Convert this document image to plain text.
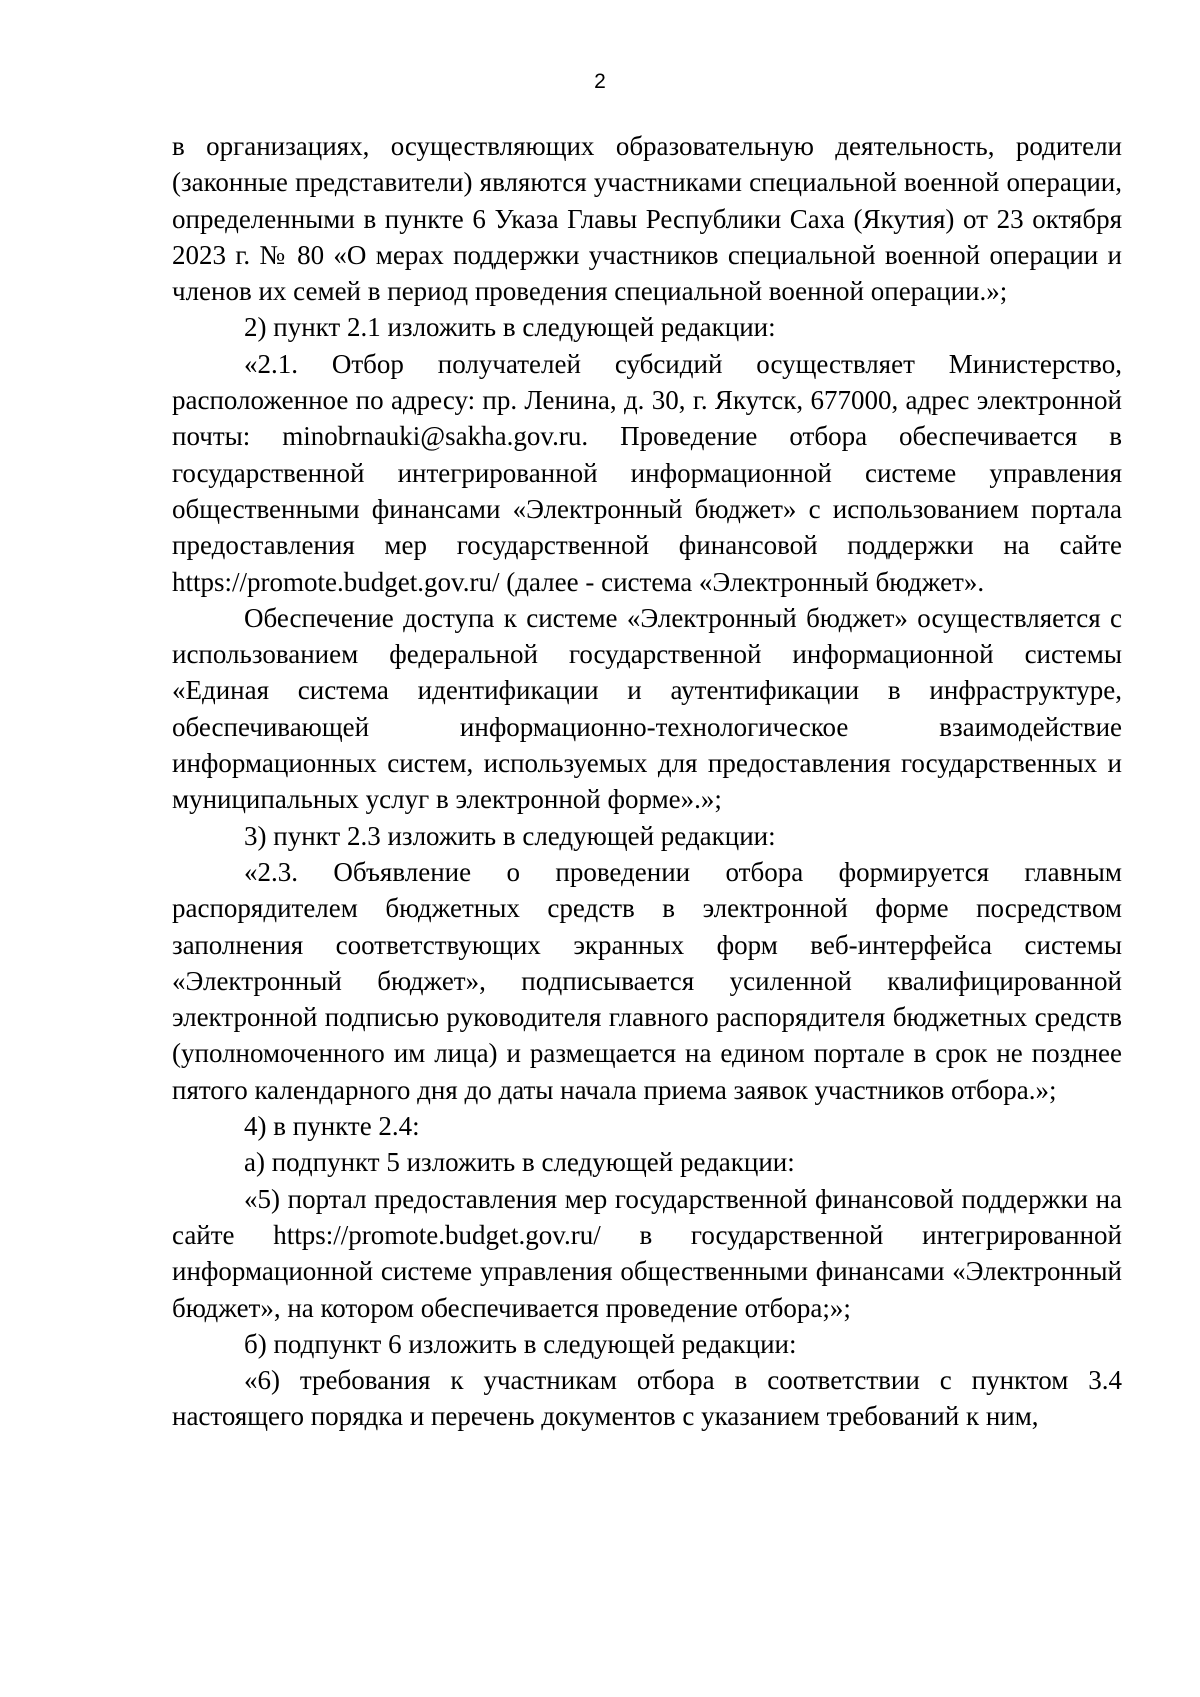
2

в организациях, осуществляющих образовательную деятельность, родители (законные представители) являются участниками специальной военной операции, определенными в пункте 6 Указа Главы Республики Саха (Якутия) от 23 октября 2023 г. № 80 «О мерах поддержки участников специальной военной операции и членов их семей в период проведения специальной военной операции.»;

2) пункт 2.1 изложить в следующей редакции:

«2.1. Отбор получателей субсидий осуществляет Министерство, расположенное по адресу: пр. Ленина, д. 30, г. Якутск, 677000, адрес электронной почты: minobrnauki@sakha.gov.ru. Проведение отбора обеспечивается в государственной интегрированной информационной системе управления общественными финансами «Электронный бюджет» с использованием портала предоставления мер государственной финансовой поддержки на сайте https://promote.budget.gov.ru/ (далее - система «Электронный бюджет».

Обеспечение доступа к системе «Электронный бюджет» осуществляется с использованием федеральной государственной информационной системы «Единая система идентификации и аутентификации в инфраструктуре, обеспечивающей информационно-технологическое взаимодействие информационных систем, используемых для предоставления государственных и муниципальных услуг в электронной форме».»;

3) пункт 2.3 изложить в следующей редакции:

«2.3. Объявление о проведении отбора формируется главным распорядителем бюджетных средств в электронной форме посредством заполнения соответствующих экранных форм веб-интерфейса системы «Электронный бюджет», подписывается усиленной квалифицированной электронной подписью руководителя главного распорядителя бюджетных средств (уполномоченного им лица) и размещается на едином портале в срок не позднее пятого календарного дня до даты начала приема заявок участников отбора.»;

4) в пункте 2.4:

а) подпункт 5 изложить в следующей редакции:

«5) портал предоставления мер государственной финансовой поддержки на сайте https://promote.budget.gov.ru/ в государственной интегрированной информационной системе управления общественными финансами «Электронный бюджет», на котором обеспечивается проведение отбора;»;

б) подпункт 6 изложить в следующей редакции:

«6) требования к участникам отбора в соответствии с пунктом 3.4 настоящего порядка и перечень документов с указанием требований к ним,
